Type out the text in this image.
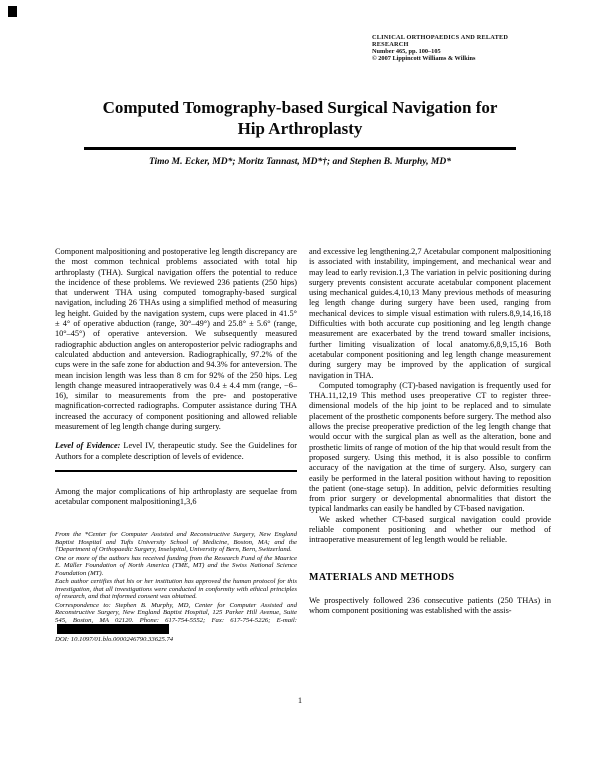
CLINICAL ORTHOPAEDICS AND RELATED RESEARCH
Number 465, pp. 100–105
© 2007 Lippincott Williams & Wilkins
Computed Tomography-based Surgical Navigation for
Hip Arthroplasty
Timo M. Ecker, MD*; Moritz Tannast, MD*†; and Stephen B. Murphy, MD*

Component malpositioning and postoperative leg length discrepancy are the most common technical problems associated with total hip arthroplasty (THA). Surgical navigation offers the potential to reduce the incidence of these problems. We reviewed 236 patients (250 hips) that underwent THA using computed tomography-based surgical navigation, including 26 THAs using a simplified method of measuring leg height. Guided by the navigation system, cups were placed in 41.5° ± 4° of operative abduction (range, 30°–49°) and 25.8° ± 5.6° (range, 10°–45°) of operative anteversion. We subsequently measured radiographic abduction angles on anteroposterior pelvic radiographs and calculated abduction and anteversion. Radiographically, 97.2% of the cups were in the safe zone for abduction and 94.3% for anteversion. The mean incision length was less than 8 cm for 92% of the 250 hips. Leg length change measured intraoperatively was 0.4 ± 4.4 mm (range, −6–16), similar to measurements from the pre- and postoperative magnification-corrected radiographs. Computer assistance during THA increased the accuracy of component positioning and allowed reliable measurement of leg length change during surgery.

Level of Evidence: Level IV, therapeutic study. See the Guidelines for Authors for a complete description of levels of evidence.

Among the major complications of hip arthroplasty are sequelae from acetabular component malpositioning1,3,6

From the *Center for Computer Assisted and Reconstructive Surgery, New England Baptist Hospital and Tufts University School of Medicine, Boston, MA; and the †Department of Orthopaedic Surgery, Inselspital, University of Bern, Bern, Switzerland.

One or more of the authors has received funding from the Research Fund of the Maurice E. Müller Foundation of North America (TME, MT) and the Swiss National Science Foundation (MT).

Each author certifies that his or her institution has approved the human protocol for this investigation, that all investigations were conducted in conformity with ethical principles of research, and that informed consent was obtained.

Correspondence to: Stephen B. Murphy, MD, Center for Computer Assisted and Reconstructive Surgery, New England Baptist Hospital, 125 Parker Hill Avenue, Suite 545, Boston, MA 02120. Phone: 617-754-5552; Fax: 617-754-5226; E-mail:

DOI: 10.1097/01.blo.0000246790.33625.74

and excessive leg lengthening.2,7 Acetabular component malpositioning is associated with instability, impingement, and mechanical wear and may lead to early revision.1,3 The variation in pelvic positioning during surgery prevents consistent accurate acetabular component placement using mechanical guides.4,10,13 Many previous methods of measuring leg length change during surgery have been used, ranging from mechanical devices to simple visual estimation with rulers.8,9,14,16,18 Difficulties with both accurate cup positioning and leg length change measurement are exacerbated by the trend toward smaller incisions, further limiting visualization of local anatomy.6,8,9,15,16 Both acetabular component positioning and leg length change measurement during surgery may be improved by the application of surgical navigation in THA.

Computed tomography (CT)-based navigation is frequently used for THA.11,12,19 This method uses preoperative CT to register three-dimensional models of the hip joint to be replaced and to simulate placement of the prosthetic components before surgery. The method also allows the precise preoperative prediction of the leg length change that would occur with the surgical plan as well as the alteration, bone and prosthetic limits of range of motion of the hip that would result from the proposed surgery. Using this method, it is also possible to confirm accuracy of the navigation at the time of surgery. Also, surgery can easily be performed in the lateral position without having to reposition the patient (one-stage setup). In addition, pelvic deformities resulting from prior surgery or developmental abnormalities that distort the typical landmarks can easily be handled by CT-based navigation.

We asked whether CT-based surgical navigation could provide reliable component positioning and whether our method of intraoperative measurement of leg length would be reliable.

MATERIALS AND METHODS

We prospectively followed 236 consecutive patients (250 THAs) in whom component positioning was established with the assis-

1
